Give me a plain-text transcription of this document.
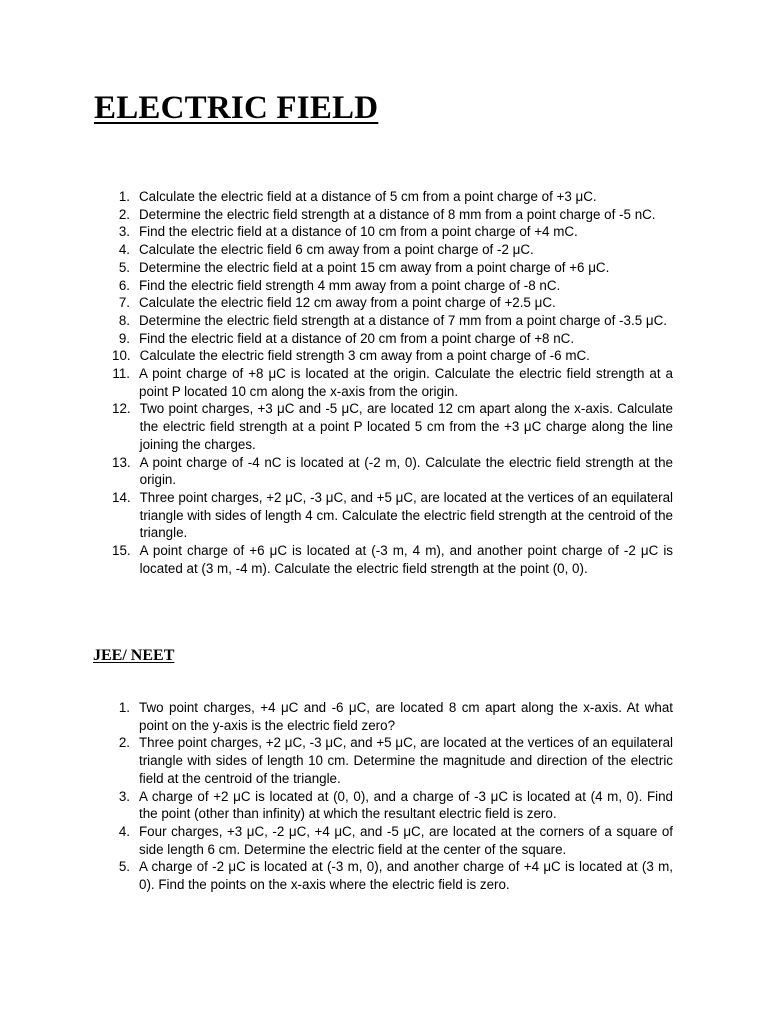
ELECTRIC FIELD
1. Calculate the electric field at a distance of 5 cm from a point charge of +3 μC.
2. Determine the electric field strength at a distance of 8 mm from a point charge of -5 nC.
3. Find the electric field at a distance of 10 cm from a point charge of +4 mC.
4. Calculate the electric field 6 cm away from a point charge of -2 μC.
5. Determine the electric field at a point 15 cm away from a point charge of +6 μC.
6. Find the electric field strength 4 mm away from a point charge of -8 nC.
7. Calculate the electric field 12 cm away from a point charge of +2.5 μC.
8. Determine the electric field strength at a distance of 7 mm from a point charge of -3.5 μC.
9. Find the electric field at a distance of 20 cm from a point charge of +8 nC.
10. Calculate the electric field strength 3 cm away from a point charge of -6 mC.
11. A point charge of +8 μC is located at the origin. Calculate the electric field strength at a point P located 10 cm along the x-axis from the origin.
12. Two point charges, +3 μC and -5 μC, are located 12 cm apart along the x-axis. Calculate the electric field strength at a point P located 5 cm from the +3 μC charge along the line joining the charges.
13. A point charge of -4 nC is located at (-2 m, 0). Calculate the electric field strength at the origin.
14. Three point charges, +2 μC, -3 μC, and +5 μC, are located at the vertices of an equilateral triangle with sides of length 4 cm. Calculate the electric field strength at the centroid of the triangle.
15. A point charge of +6 μC is located at (-3 m, 4 m), and another point charge of -2 μC is located at (3 m, -4 m). Calculate the electric field strength at the point (0, 0).
JEE/ NEET
1. Two point charges, +4 μC and -6 μC, are located 8 cm apart along the x-axis. At what point on the y-axis is the electric field zero?
2. Three point charges, +2 μC, -3 μC, and +5 μC, are located at the vertices of an equilateral triangle with sides of length 10 cm. Determine the magnitude and direction of the electric field at the centroid of the triangle.
3. A charge of +2 μC is located at (0, 0), and a charge of -3 μC is located at (4 m, 0). Find the point (other than infinity) at which the resultant electric field is zero.
4. Four charges, +3 μC, -2 μC, +4 μC, and -5 μC, are located at the corners of a square of side length 6 cm. Determine the electric field at the center of the square.
5. A charge of -2 μC is located at (-3 m, 0), and another charge of +4 μC is located at (3 m, 0). Find the points on the x-axis where the electric field is zero.
